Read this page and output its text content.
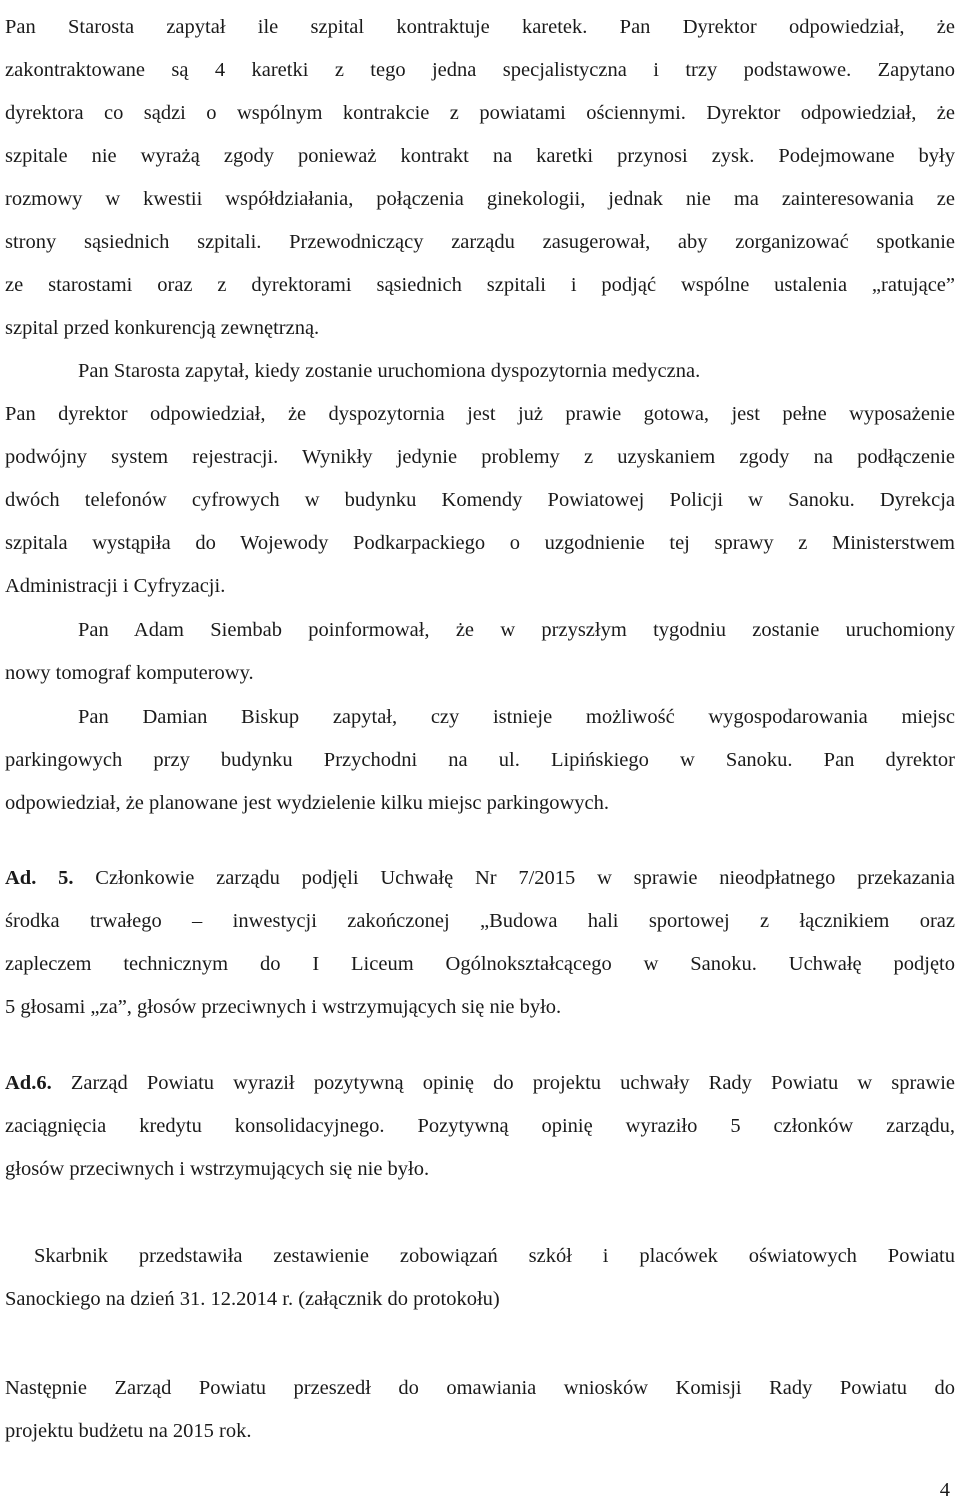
Pan Starosta zapytał ile szpital kontraktuje karetek. Pan Dyrektor odpowiedział, że

zakontraktowane są 4 karetki z tego jedna specjalistyczna i trzy podstawowe. Zapytano

dyrektora co sądzi o wspólnym kontrakcie z powiatami ościennymi. Dyrektor odpowiedział, że

szpitale nie wyrażą zgody ponieważ kontrakt na karetki przynosi zysk. Podejmowane były

rozmowy w kwestii współdziałania, połączenia ginekologii, jednak nie ma zainteresowania ze

strony sąsiednich szpitali. Przewodniczący zarządu zasugerował, aby zorganizować spotkanie

ze starostami oraz z dyrektorami sąsiednich szpitali i podjąć wspólne ustalenia „ratujące”

szpital przed konkurencją zewnętrzną.

Pan Starosta zapytał, kiedy zostanie uruchomiona dyspozytornia medyczna.

Pan dyrektor odpowiedział, że dyspozytornia jest już prawie gotowa, jest pełne wyposażenie

podwójny system rejestracji. Wynikły jedynie problemy z uzyskaniem zgody na podłączenie

dwóch telefonów cyfrowych w budynku Komendy Powiatowej Policji w Sanoku. Dyrekcja

szpitala wystąpiła do Wojewody Podkarpackiego o uzgodnienie tej sprawy z Ministerstwem

Administracji i Cyfryzacji.

Pan Adam Siembab poinformował, że w przyszłym tygodniu zostanie uruchomiony

nowy tomograf komputerowy.

Pan Damian Biskup zapytał, czy istnieje możliwość wygospodarowania miejsc

parkingowych przy budynku Przychodni na ul. Lipińskiego w Sanoku. Pan dyrektor

odpowiedział, że planowane jest wydzielenie kilku miejsc parkingowych.

Ad. 5. Członkowie zarządu podjęli Uchwałę Nr 7/2015 w sprawie nieodpłatnego przekazania

środka trwałego – inwestycji zakończonej „Budowa hali sportowej z łącznikiem oraz

zapleczem technicznym do I Liceum Ogólnokształcącego w Sanoku. Uchwałę podjęto

5 głosami „za”, głosów przeciwnych i wstrzymujących się nie było.

Ad.6. Zarząd Powiatu wyraził pozytywną opinię do projektu uchwały Rady Powiatu w sprawie

zaciągnięcia kredytu konsolidacyjnego. Pozytywną opinię wyraziło 5 członków zarządu,

głosów przeciwnych i wstrzymujących się nie było.

Skarbnik przedstawiła zestawienie zobowiązań szkół i placówek oświatowych Powiatu

Sanockiego na dzień 31. 12.2014 r. (załącznik do protokołu)

Następnie Zarząd Powiatu przeszedł do omawiania wniosków Komisji Rady Powiatu do

projektu budżetu na 2015 rok.

4
